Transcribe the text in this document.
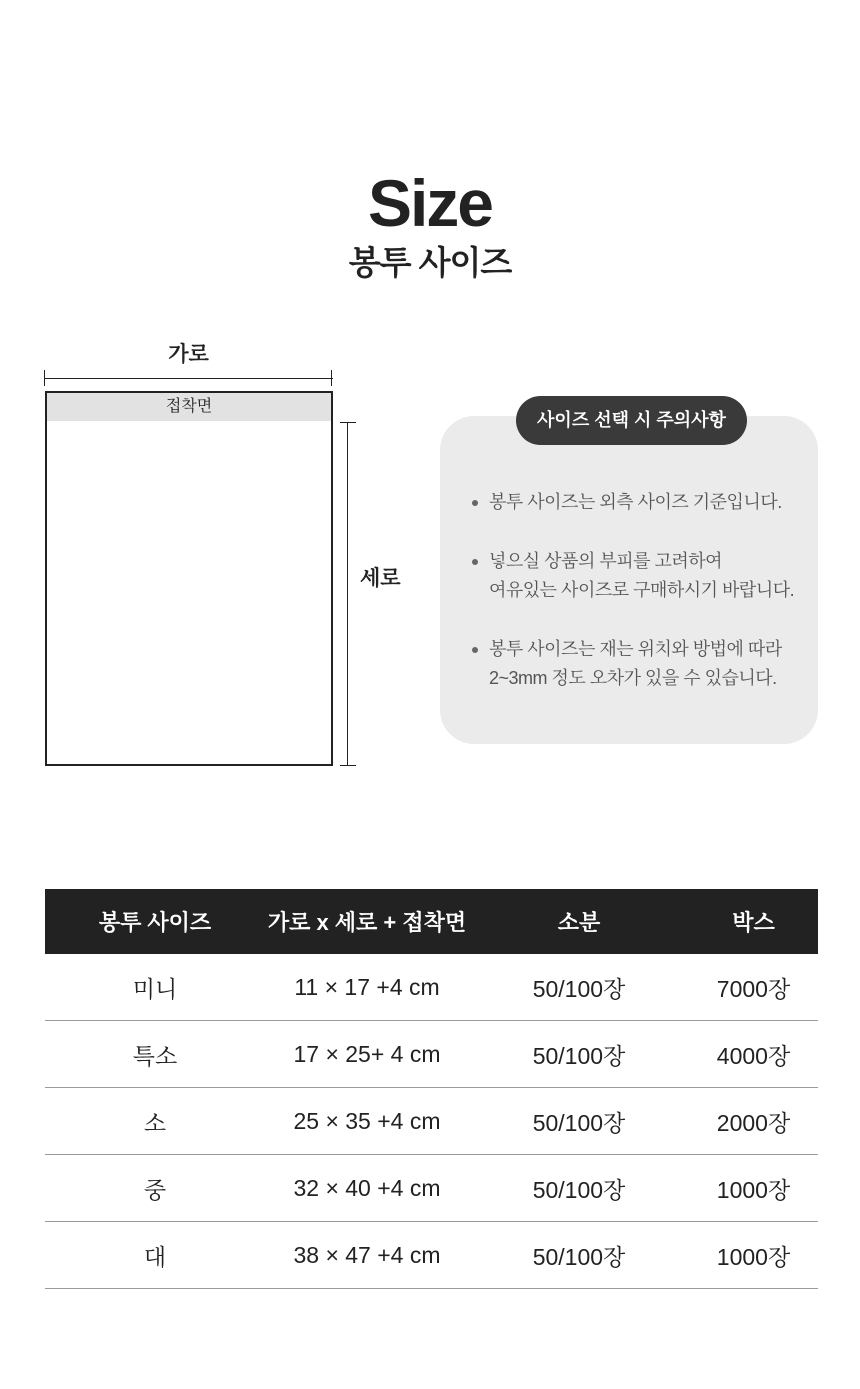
Size
봉투 사이즈
가로
접착면
세로
사이즈 선택 시 주의사항
봉투 사이즈는 외측 사이즈 기준입니다.
넣으실 상품의 부피를 고려하여
여유있는 사이즈로 구매하시기 바랍니다.
봉투 사이즈는 재는 위치와 방법에 따라
2~3mm 정도 오차가 있을 수 있습니다.
봉투 사이즈	가로 x 세로 + 접착면	소분	박스
미니	11 × 17 +4 cm	50/100장	7000장
특소	17 × 25+ 4 cm	50/100장	4000장
소	25 × 35 +4 cm	50/100장	2000장
중	32 × 40 +4 cm	50/100장	1000장
대	38 × 47 +4 cm	50/100장	1000장
